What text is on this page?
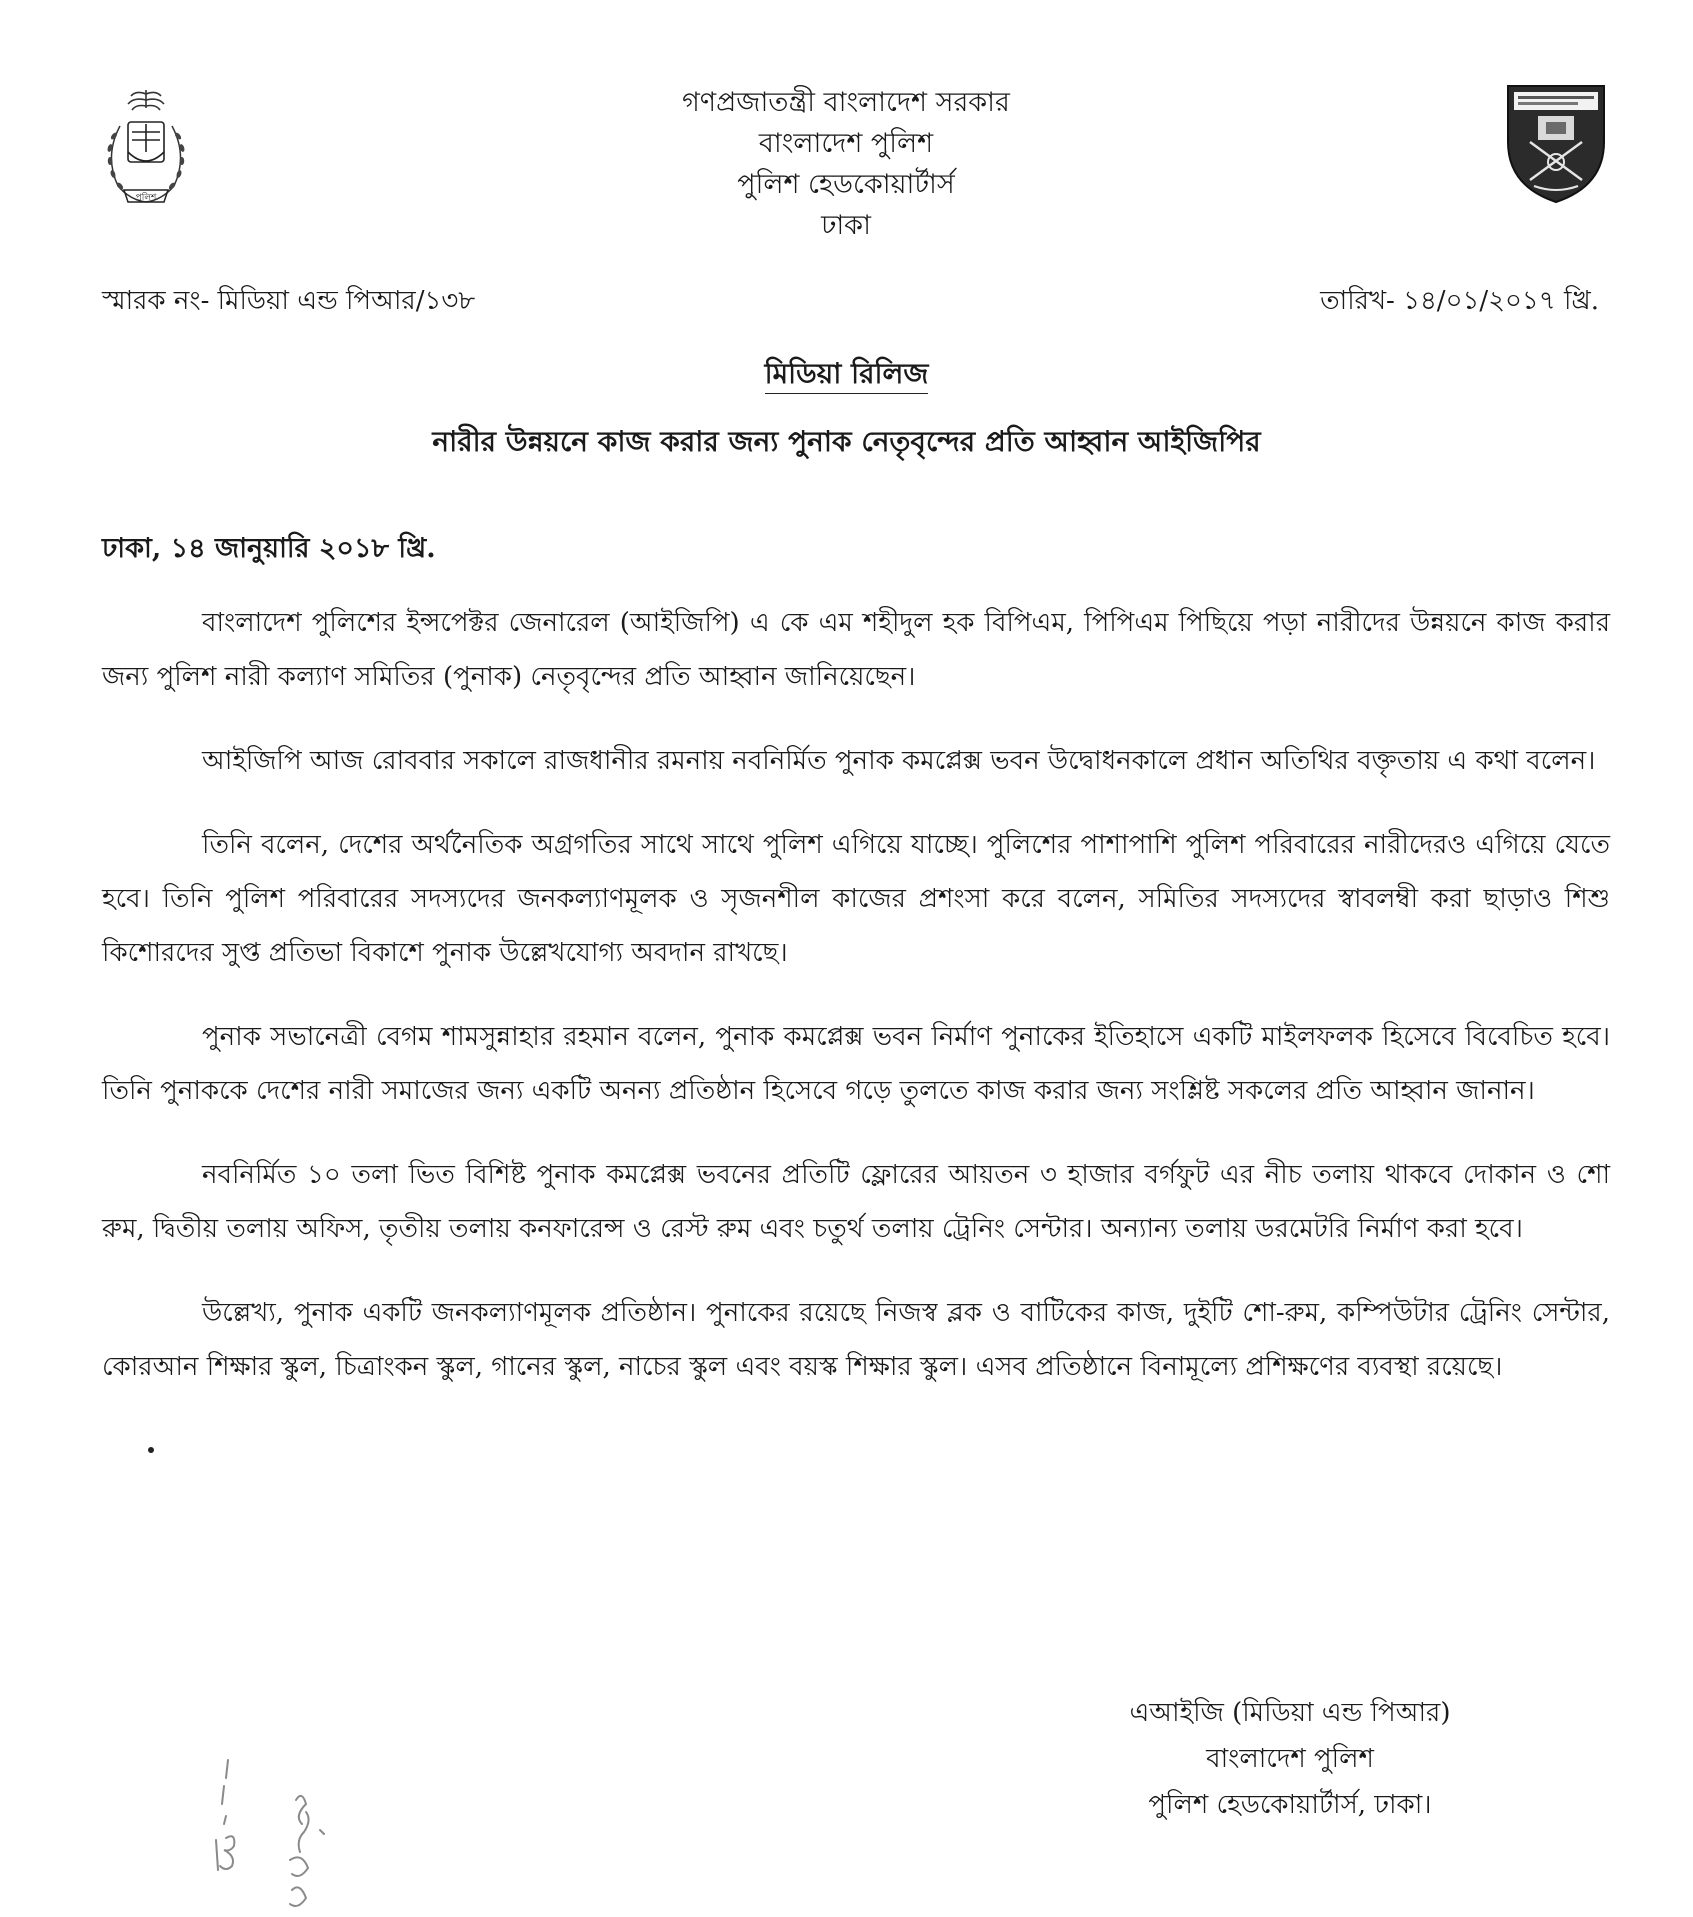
পুলিশ
গণপ্রজাতন্ত্রী বাংলাদেশ সরকার
বাংলাদেশ পুলিশ
পুলিশ হেডকোয়ার্টার্স
ঢাকা
স্মারক নং- মিডিয়া এন্ড পিআর/১৩৮	তারিখ- ১৪/০১/২০১৭ খ্রি.
মিডিয়া রিলিজ
নারীর উন্নয়নে কাজ করার জন্য পুনাক নেতৃবৃন্দের প্রতি আহ্বান আইজিপির
ঢাকা, ১৪ জানুয়ারি ২০১৮ খ্রি.

বাংলাদেশ পুলিশের ইন্সপেক্টর জেনারেল (আইজিপি) এ কে এম শহীদুল হক বিপিএম, পিপিএম পিছিয়ে পড়া নারীদের উন্নয়নে কাজ করার জন্য পুলিশ নারী কল্যাণ সমিতির (পুনাক) নেতৃবৃন্দের প্রতি আহ্বান জানিয়েছেন।

আইজিপি আজ রোববার সকালে রাজধানীর রমনায় নবনির্মিত পুনাক কমপ্লেক্স ভবন উদ্বোধনকালে প্রধান অতিথির বক্তৃতায় এ কথা বলেন।

তিনি বলেন, দেশের অর্থনৈতিক অগ্রগতির সাথে সাথে পুলিশ এগিয়ে যাচ্ছে। পুলিশের পাশাপাশি পুলিশ পরিবারের নারীদেরও এগিয়ে যেতে হবে। তিনি পুলিশ পরিবারের সদস্যদের জনকল্যাণমূলক ও সৃজনশীল কাজের প্রশংসা করে বলেন, সমিতির সদস্যদের স্বাবলম্বী করা ছাড়াও শিশু কিশোরদের সুপ্ত প্রতিভা বিকাশে পুনাক উল্লেখযোগ্য অবদান রাখছে।

পুনাক সভানেত্রী বেগম শামসুন্নাহার রহমান বলেন, পুনাক কমপ্লেক্স ভবন নির্মাণ পুনাকের ইতিহাসে একটি মাইলফলক হিসেবে বিবেচিত হবে। তিনি পুনাককে দেশের নারী সমাজের জন্য একটি অনন্য প্রতিষ্ঠান হিসেবে গড়ে তুলতে কাজ করার জন্য সংশ্লিষ্ট সকলের প্রতি আহ্বান জানান।

নবনির্মিত ১০ তলা ভিত বিশিষ্ট পুনাক কমপ্লেক্স ভবনের প্রতিটি ফ্লোরের আয়তন ৩ হাজার বর্গফুট এর নীচ তলায় থাকবে দোকান ও শো রুম, দ্বিতীয় তলায় অফিস, তৃতীয় তলায় কনফারেন্স ও রেস্ট রুম এবং চতুর্থ তলায় ট্রেনিং সেন্টার। অন্যান্য তলায় ডরমেটরি নির্মাণ করা হবে।

উল্লেখ্য, পুনাক একটি জনকল্যাণমূলক প্রতিষ্ঠান। পুনাকের রয়েছে নিজস্ব ব্লক ও বাটিকের কাজ, দুইটি শো-রুম, কম্পিউটার ট্রেনিং সেন্টার, কোরআন শিক্ষার স্কুল, চিত্রাংকন স্কুল, গানের স্কুল, নাচের স্কুল এবং বয়স্ক শিক্ষার স্কুল। এসব প্রতিষ্ঠানে বিনামূল্যে প্রশিক্ষণের ব্যবস্থা রয়েছে।

এআইজি (মিডিয়া এন্ড পিআর)
বাংলাদেশ পুলিশ
পুলিশ হেডকোয়ার্টার্স, ঢাকা।
